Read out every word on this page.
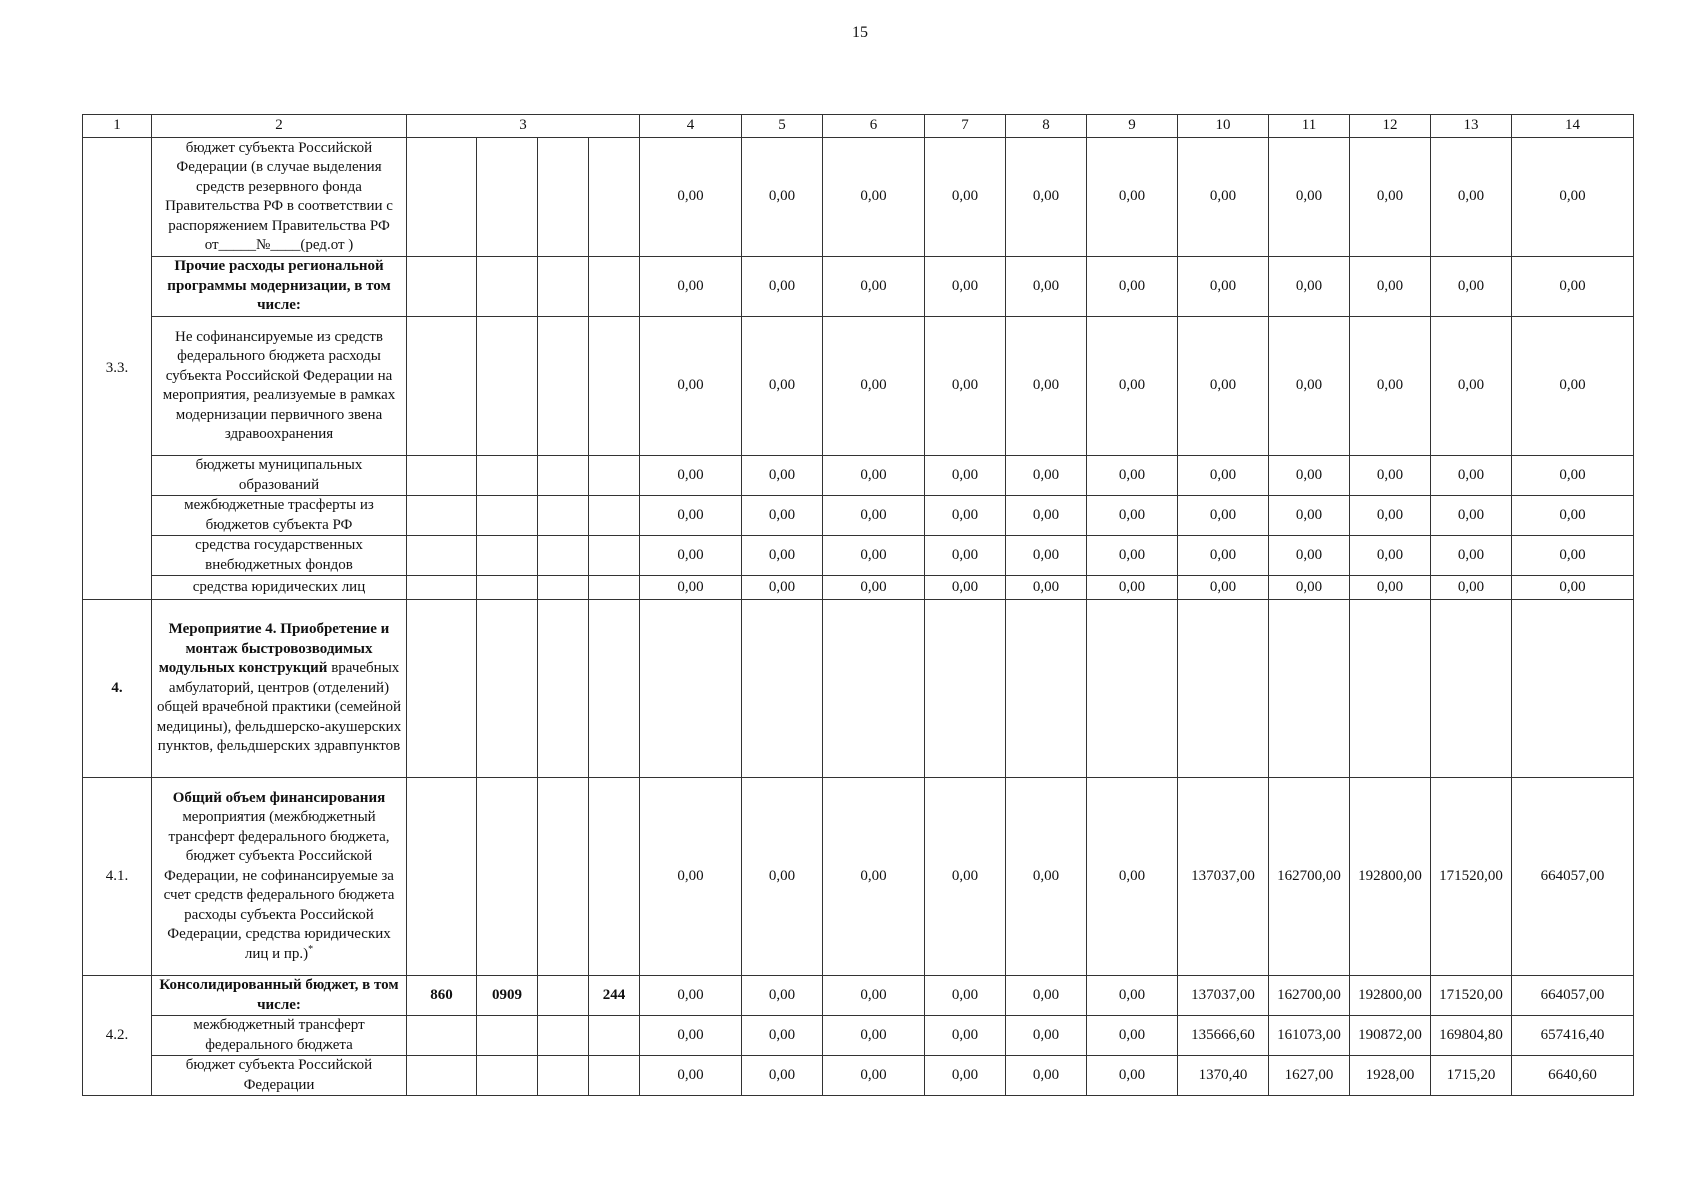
15
1	2	3				4	5	6	7	8	9	10	11	12	13	14
3.3.	бюджет субъекта Российской Федерации (в случае выделения средств резервного фонда Правительства РФ в соответствии с распоряжением Правительства РФ от_____№____(ред.от )					0,00	0,00	0,00	0,00	0,00	0,00	0,00	0,00	0,00	0,00	0,00
	Прочие расходы региональной программы модернизации, в том числе:					0,00	0,00	0,00	0,00	0,00	0,00	0,00	0,00	0,00	0,00	0,00
	Не софинансируемые из средств федерального бюджета расходы субъекта Российской Федерации на мероприятия, реализуемые в рамках модернизации первичного звена здравоохранения					0,00	0,00	0,00	0,00	0,00	0,00	0,00	0,00	0,00	0,00	0,00
	бюджеты муниципальных образований					0,00	0,00	0,00	0,00	0,00	0,00	0,00	0,00	0,00	0,00	0,00
	межбюджетные трасферты из бюджетов субъекта РФ					0,00	0,00	0,00	0,00	0,00	0,00	0,00	0,00	0,00	0,00	0,00
	средства государственных внебюджетных фондов					0,00	0,00	0,00	0,00	0,00	0,00	0,00	0,00	0,00	0,00	0,00
	средства юридических лиц					0,00	0,00	0,00	0,00	0,00	0,00	0,00	0,00	0,00	0,00	0,00
4.	Мероприятие 4. Приобретение и монтаж быстровозводимых модульных конструкций врачебных амбулаторий, центров (отделений) общей врачебной практики (семейной медицины), фельдшерско-акушерских пунктов, фельдшерских здравпунктов															
4.1.	Общий объем финансирования мероприятия (межбюджетный трансферт федерального бюджета, бюджет субъекта Российской Федерации, не софинансируемые за счет средств федерального бюджета расходы субъекта Российской Федерации, средства юридических лиц и пр.)*					0,00	0,00	0,00	0,00	0,00	0,00	137037,00	162700,00	192800,00	171520,00	664057,00
4.2.	Консолидированный бюджет, в том числе:	860	0909		244	0,00	0,00	0,00	0,00	0,00	0,00	137037,00	162700,00	192800,00	171520,00	664057,00
	межбюджетный трансферт федерального бюджета					0,00	0,00	0,00	0,00	0,00	0,00	135666,60	161073,00	190872,00	169804,80	657416,40
	бюджет субъекта Российской Федерации					0,00	0,00	0,00	0,00	0,00	0,00	1370,40	1627,00	1928,00	1715,20	6640,60
